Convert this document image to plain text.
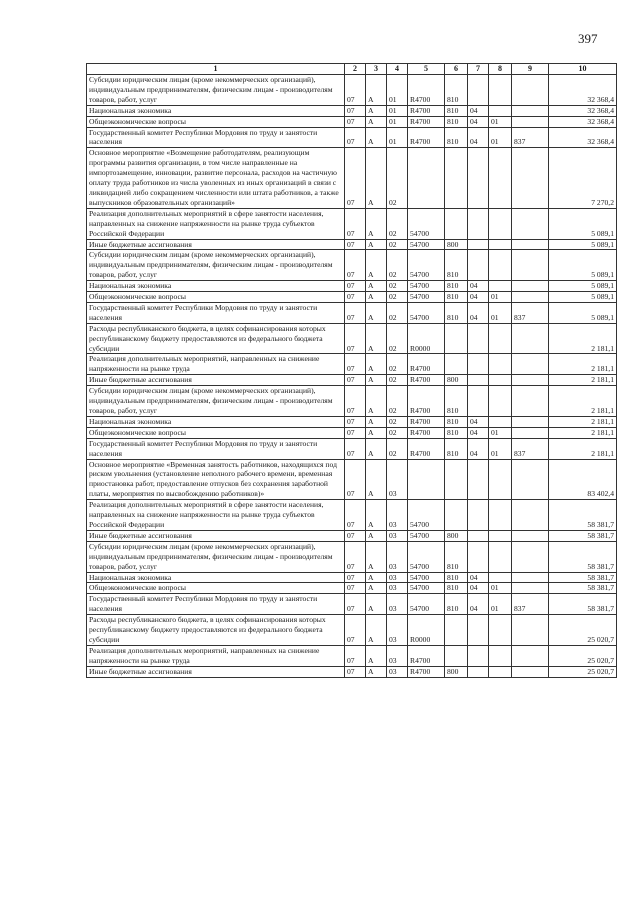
397
1	2	3	4	5	6	7	8	9	10
Субсидии юридическим лицам (кроме некоммерческих организаций), индивидуальным предпринимателям, физическим лицам - производителям товаров, работ, услуг	07	А	01	R4700	810				32 368,4
Национальная экономика	07	А	01	R4700	810	04			32 368,4
Общеэкономические вопросы	07	А	01	R4700	810	04	01		32 368,4
Государственный комитет Республики Мордовия по труду и занятости населения	07	А	01	R4700	810	04	01	837	32 368,4
Основное мероприятие «Возмещение работодателям, реализующим программы развития организации, в том числе направленные на импортозамещение, инновации, развитие персонала, расходов на частичную оплату труда работников из числа уволенных из иных организаций в связи с ликвидацией либо сокращением численности или штата работников, а также выпускников образовательных организаций»	07	А	02						7 270,2
Реализация дополнительных мероприятий в сфере занятости населения, направленных на снижение напряженности на рынке труда субъектов Российской Федерации	07	А	02	54700					5 089,1
Иные бюджетные ассигнования	07	А	02	54700	800				5 089,1
Субсидии юридическим лицам (кроме некоммерческих организаций), индивидуальным предпринимателям, физическим лицам - производителям товаров, работ, услуг	07	А	02	54700	810				5 089,1
Национальная экономика	07	А	02	54700	810	04			5 089,1
Общеэкономические вопросы	07	А	02	54700	810	04	01		5 089,1
Государственный комитет Республики Мордовия по труду и занятости населения	07	А	02	54700	810	04	01	837	5 089,1
Расходы республиканского бюджета, в целях софинансирования которых республиканскому бюджету предоставляются из федерального бюджета субсидии	07	А	02	R0000					2 181,1
Реализация дополнительных мероприятий, направленных на снижение напряженности на рынке труда	07	А	02	R4700					2 181,1
Иные бюджетные ассигнования	07	А	02	R4700	800				2 181,1
Субсидии юридическим лицам (кроме некоммерческих организаций), индивидуальным предпринимателям, физическим лицам - производителям товаров, работ, услуг	07	А	02	R4700	810				2 181,1
Национальная экономика	07	А	02	R4700	810	04			2 181,1
Общеэкономические вопросы	07	А	02	R4700	810	04	01		2 181,1
Государственный комитет Республики Мордовия по труду и занятости населения	07	А	02	R4700	810	04	01	837	2 181,1
Основное мероприятие «Временная занятость работников, находящихся под риском увольнения (установление неполного рабочего времени, временная приостановка работ, предоставление отпусков без сохранения заработной платы, мероприятия по высвобождению работников)»	07	А	03						83 402,4
Реализация дополнительных мероприятий в сфере занятости населения, направленных на снижение напряженности на рынке труда субъектов Российской Федерации	07	А	03	54700					58 381,7
Иные бюджетные ассигнования	07	А	03	54700	800				58 381,7
Субсидии юридическим лицам (кроме некоммерческих организаций), индивидуальным предпринимателям, физическим лицам - производителям товаров, работ, услуг	07	А	03	54700	810				58 381,7
Национальная экономика	07	А	03	54700	810	04			58 381,7
Общеэкономические вопросы	07	А	03	54700	810	04	01		58 381,7
Государственный комитет Республики Мордовия по труду и занятости населения	07	А	03	54700	810	04	01	837	58 381,7
Расходы республиканского бюджета, в целях софинансирования которых республиканскому бюджету предоставляются из федерального бюджета субсидии	07	А	03	R0000					25 020,7
Реализация дополнительных мероприятий, направленных на снижение напряженности на рынке труда	07	А	03	R4700					25 020,7
Иные бюджетные ассигнования	07	А	03	R4700	800				25 020,7
